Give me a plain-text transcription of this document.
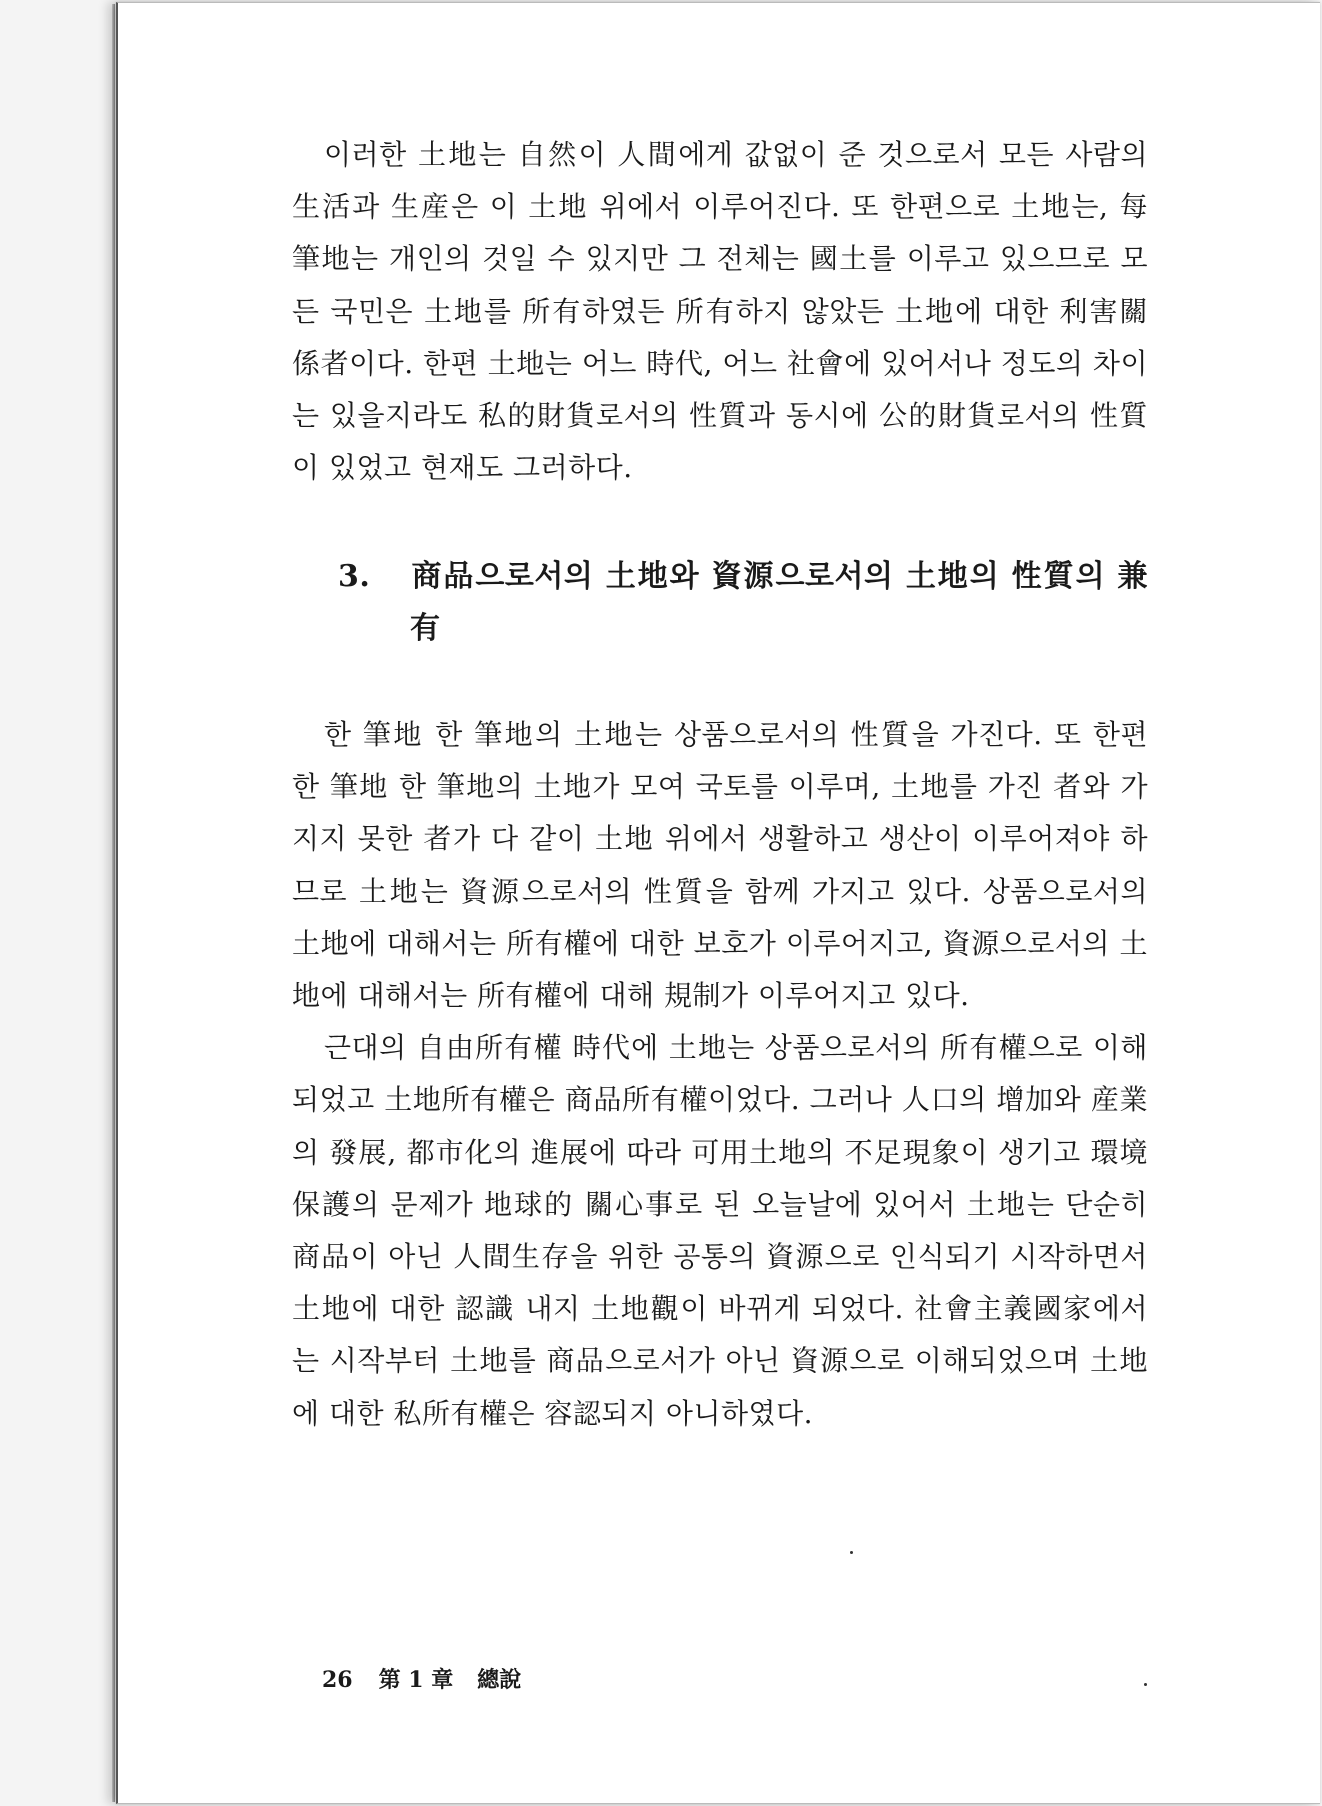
이러한 土地는 自然이 人間에게 값없이 준 것으로서 모든 사람의 生活과 生産은 이 土地 위에서 이루어진다. 또 한편으로 土地는, 每 筆地는 개인의 것일 수 있지만 그 전체는 國土를 이루고 있으므로 모든 국민은 土地를 所有하였든 所有하지 않았든 土地에 대한 利害關係者이다. 한편 土地는 어느 時代, 어느 社會에 있어서나 정도의 차이는 있을지라도 私的財貨로서의 性質과 동시에 公的財貨로서의 性質이 있었고 현재도 그러하다.

3. 商品으로서의 土地와 資源으로서의 土地의 性質의 兼有

한 筆地 한 筆地의 土地는 상품으로서의 性質을 가진다. 또 한편 한 筆地 한 筆地의 土地가 모여 국토를 이루며, 土地를 가진 者와 가지지 못한 者가 다 같이 土地 위에서 생활하고 생산이 이루어져야 하므로 土地는 資源으로서의 性質을 함께 가지고 있다. 상품으로서의 土地에 대해서는 所有權에 대한 보호가 이루어지고, 資源으로서의 土地에 대해서는 所有權에 대해 規制가 이루어지고 있다.

근대의 自由所有權 時代에 土地는 상품으로서의 所有權으로 이해되었고 土地所有權은 商品所有權이었다. 그러나 人口의 增加와 産業의 發展, 都市化의 進展에 따라 可用土地의 不足現象이 생기고 環境保護의 문제가 地球的 關心事로 된 오늘날에 있어서 土地는 단순히 商品이 아닌 人間生存을 위한 공통의 資源으로 인식되기 시작하면서 土地에 대한 認識 내지 土地觀이 바뀌게 되었다. 社會主義國家에서는 시작부터 土地를 商品으로서가 아닌 資源으로 이해되었으며 土地에 대한 私所有權은 容認되지 아니하였다.

26 第 1 章 總說
